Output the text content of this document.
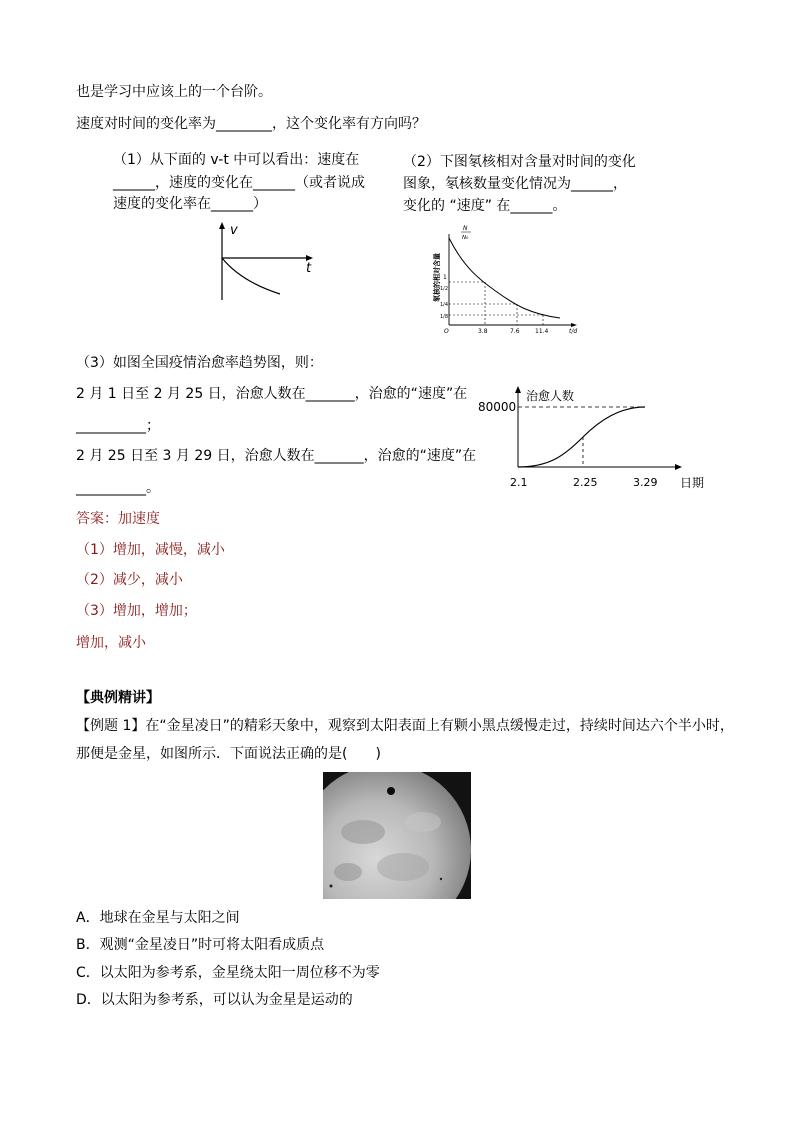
也是学习中应该上的一个台阶。
速度对时间的变化率为________，这个变化率有方向吗？
（1）从下面的 v-t 中可以看出：速度在
______，速度的变化在______（或者说成
速度的变化率在______）
v
t
（2）下图氡核相对含量对时间的变化
图象，氡核数量变化情况为______，
变化的 “速度” 在______。
N
N₀
氡核的相对含量 1
1/2
1/4
1/8
O	3.8	7.6	11.4	t/d
（3）如图全国疫情治愈率趋势图，则：
2 月 1 日至 2 月 25 日，治愈人数在_______，治愈的“速度”在
__________；
2 月 25 日至 3 月 29 日，治愈人数在_______，治愈的“速度”在
__________。
治愈人数
80000
2.1	2.25	3.29 日期
答案：加速度
（1）增加，减慢，减小
（2）减少，减小
（3）增加，增加；
增加，减小
【典例精讲】
【例题 1】在“金星凌日”的精彩天象中，观察到太阳表面上有颗小黑点缓慢走过，持续时间达六个半小时，
那便是金星，如图所示．下面说法正确的是(　　)
A．地球在金星与太阳之间
B．观测“金星凌日”时可将太阳看成质点
C．以太阳为参考系，金星绕太阳一周位移不为零
D．以太阳为参考系，可以认为金星是运动的
